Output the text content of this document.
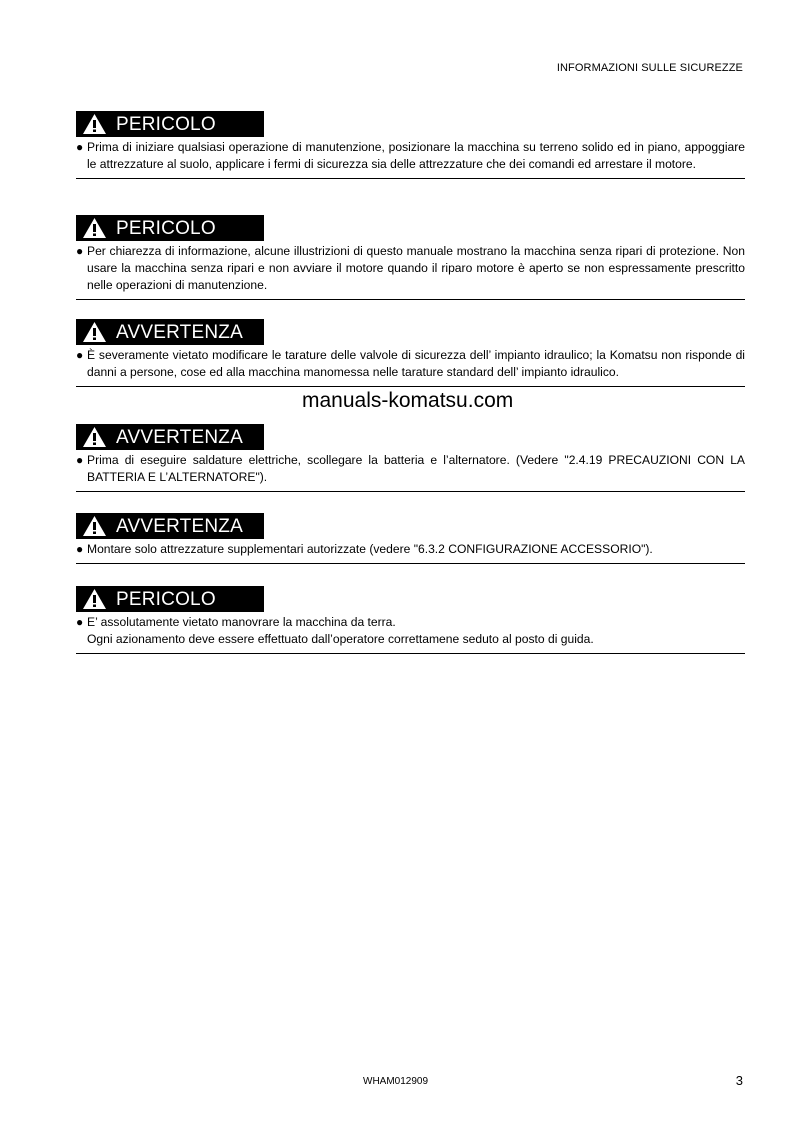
INFORMAZIONI SULLE SICUREZZE
PERICOLO
● Prima di iniziare qualsiasi operazione di manutenzione, posizionare la macchina su terreno solido ed in piano, appoggiare le attrezzature al suolo, applicare i fermi di sicurezza sia delle attrezzature che dei comandi ed arrestare il motore.
PERICOLO
● Per chiarezza di informazione, alcune illustrizioni di questo manuale mostrano la macchina senza ripari di protezione. Non usare la macchina senza ripari e non avviare il motore quando il riparo motore è aperto se non espressamente prescritto nelle operazioni di manutenzione.
AVVERTENZA
● È severamente vietato modificare le tarature delle valvole di sicurezza dell’ impianto idraulico; la Komatsu non risponde di danni a persone, cose ed alla macchina manomessa nelle tarature standard dell’ impianto idraulico.
manuals-komatsu.com
AVVERTENZA
● Prima di eseguire saldature elettriche, scollegare la batteria e l’alternatore. (Vedere "2.4.19 PRECAUZIONI CON LA BATTERIA E L’ALTERNATORE").
AVVERTENZA
● Montare solo attrezzature supplementari autorizzate (vedere "6.3.2 CONFIGURAZIONE ACCESSORIO").
PERICOLO
● E’ assolutamente vietato manovrare la macchina da terra.
Ogni azionamento deve essere effettuato dall’operatore correttamene seduto al posto di guida.
WHAM012909	3
